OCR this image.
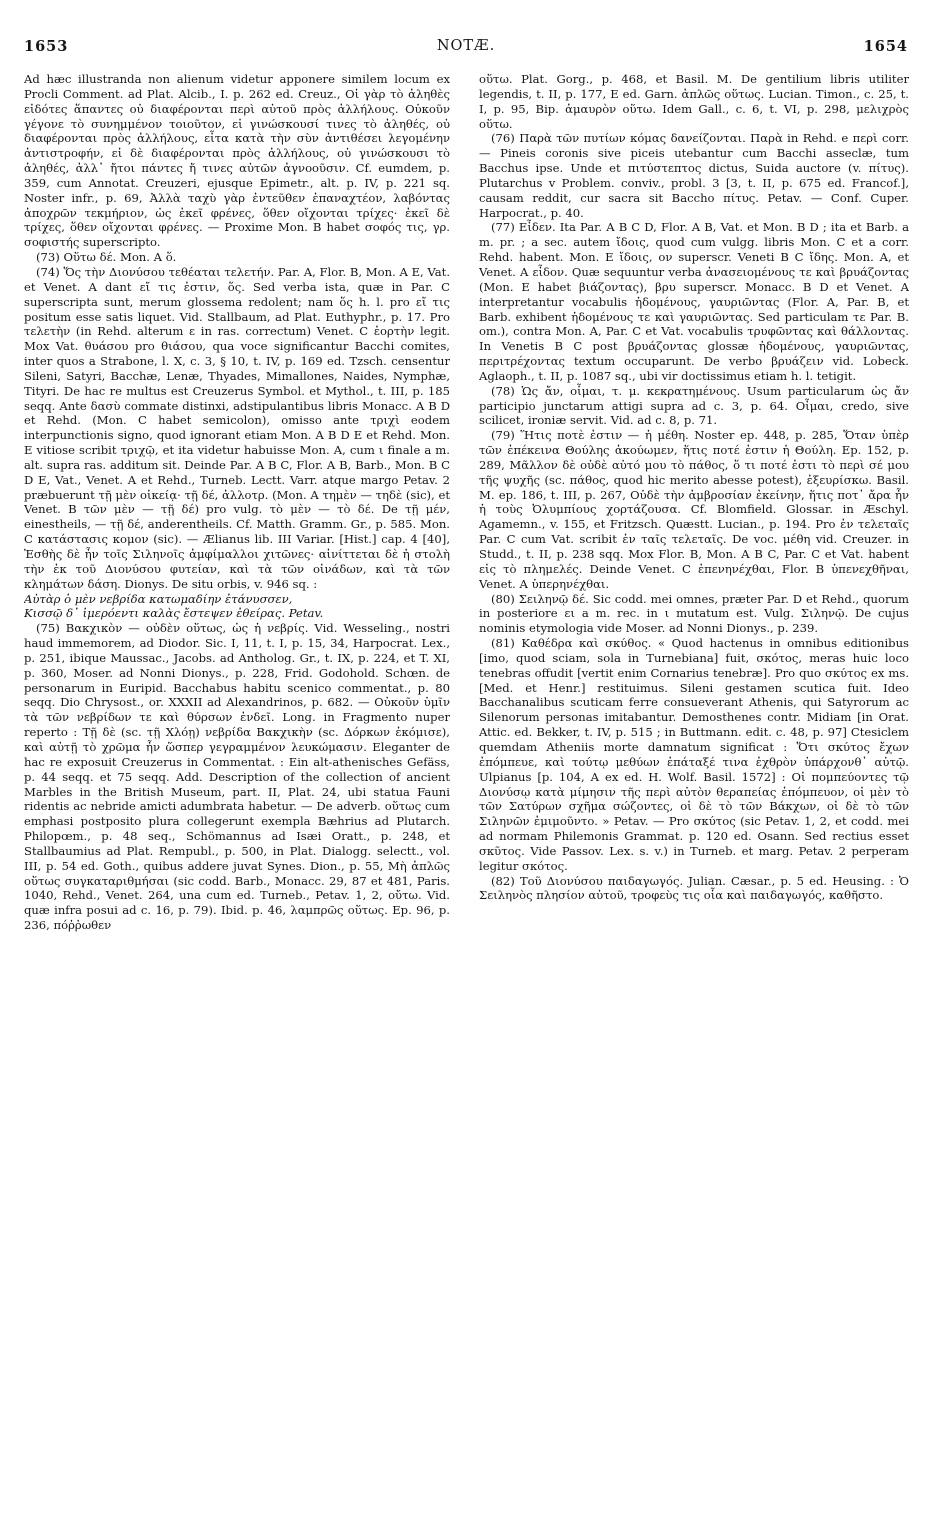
1653	NOTÆ.	1654

Ad hæc illustranda non alienum videtur apponere similem locum ex Procli Comment. ad Plat. Alcib., I. p. 262 ed. Creuz., Οἱ γὰρ τὸ ἀληθὲς εἰδότες ἅπαντες οὐ διαφέρονται περὶ αὐτοῦ πρὸς ἀλλήλους. Οὐκοῦν γέγονε τὸ συνημμένον τοιοῦτον, εἰ γινώσκουσί τινες τὸ ἀληθές, οὐ διαφέρονται πρὸς ἀλλήλους, εἶτα κατὰ τὴν σὺν ἀντιθέσει λεγομένην ἀντιστροφήν, εἰ δὲ διαφέρονται πρὸς ἀλλήλους, οὐ γινώσκουσι τὸ ἀληθές, ἀλλ᾽ ἤτοι πάντες ἤ τινες αὐτῶν ἀγνοοῦσιν. Cf. eumdem, p. 359, cum Annotat. Creuzeri, ejusque Epimetr., alt. p. IV, p. 221 sq. Noster infr., p. 69, Ἀλλὰ ταχὺ γὰρ ἐντεῦθεν ἐπαναχτέον, λαβόντας ἀποχρῶν τεκμήριον, ὡς ἐκεῖ φρένες, ὅθεν οἴχονται τρίχες· ἐκεῖ δὲ τρίχες, ὅθεν οἴχονται φρένες. — Proxime Mon. B habet σοφός τις, γρ. σοφιστής superscripto.

(73) Οὕτω δέ. Mon. A ὅ.

(74) Ὅς τὴν Διονύσου τεθέαται τελετήν. Par. A, Flor. B, Mon. A E, Vat. et Venet. A dant εἴ τις ἐστιν, ὅς. Sed verba ista, quæ in Par. C superscripta sunt, merum glossema redolent; nam ὅς h. l. pro εἴ τις positum esse satis liquet. Vid. Stallbaum, ad Plat. Euthyphr., p. 17. Pro τελετὴν (in Rehd. alterum ε in ras. correctum) Venet. C ἑορτὴν legit. Mox Vat. θυάσου pro θιάσου, qua voce significantur Bacchi comites, inter quos a Strabone, l. X, c. 3, § 10, t. IV, p. 169 ed. Tzsch. censentur Sileni, Satyri, Bacchæ, Lenæ, Thyades, Mimallones, Naides, Nymphæ, Tityri. De hac re multus est Creuzerus Symbol. et Mythol., t. III, p. 185 seqq. Ante δασὺ commate distinxi, adstipulantibus libris Monacc. A B D et Rehd. (Mon. C habet semicolon), omisso ante τριχὶ eodem interpunctionis signo, quod ignorant etiam Mon. A B D E et Rehd. Mon. E vitiose scribit τριχῷ, et ita videtur habuisse Mon. A, cum ι finale a m. alt. supra ras. additum sit. Deinde Par. A B C, Flor. A B, Barb., Mon. B C D E, Vat., Venet. A et Rehd., Turneb. Lectt. Varr. atque margo Petav. 2 præbuerunt τῇ μὲν οἰκείᾳ· τῇ δέ, ἀλλοτρ. (Mon. A τημὲν — τηδὲ (sic), et Venet. B τῶν μὲν — τῇ δέ) pro vulg. τὸ μὲν — τὸ δέ. De τῇ μέν, einestheils, — τῇ δέ, anderentheils. Cf. Matth. Gramm. Gr., p. 585. Mon. C κατάστασις κομον (sic). — Ælianus lib. III Variar. [Hist.] cap. 4 [40], Ἐσθὴς δὲ ἦν τοῖς Σιληνοῖς ἀμφίμαλλοι χιτῶνες· αἰνίττεται δὲ ἡ στολὴ τὴν ἐκ τοῦ Διονύσου φυτείαν, καὶ τὰ τῶν οἰνάδων, καὶ τὰ τῶν κλημάτων δάση. Dionys. De situ orbis, v. 946 sq. :

Αὐτὰρ ὁ μὲν νεβρίδα κατωμαδίην ἐτάνυσσεν,

Κισσῷ δ᾽ ἱμερόεντι καλὰς ἔστεψεν ἐθείρας. Petav.

(75) Βακχικὸν — οὐδὲν οὕτως, ὡς ἡ νεβρίς. Vid. Wesseling., nostri haud immemorem, ad Diodor. Sic. I, 11, t. I, p. 15, 34, Harpocrat. Lex., p. 251, ibique Maussac., Jacobs. ad Antholog. Gr., t. IX, p. 224, et T. XI, p. 360, Moser. ad Nonni Dionys., p. 228, Frid. Godohold. Schœn. de personarum in Euripid. Bacchabus habitu scenico commentat., p. 80 seqq. Dio Chrysost., or. XXXII ad Alexandrinos, p. 682. — Οὐκοῦν ὑμῖν τὰ τῶν νεβρίδων τε καὶ θύρσων ἐνδεῖ. Long. in Fragmento nuper reperto : Τῇ δὲ (sc. τῇ Χλόῃ) νεβρίδα Βακχικὴν (sc. Δόρκων ἐκόμισε), καὶ αὐτῇ τὸ χρῶμα ἦν ὥσπερ γεγραμμένον λευκώμασιν. Eleganter de hac re exposuit Creuzerus in Commentat. : Ein alt-athenisches Gefäss, p. 44 seqq. et 75 seqq. Add. Description of the collection of ancient Marbles in the British Museum, part. II, Plat. 24, ubi statua Fauni ridentis ac nebride amicti adumbrata habetur. — De adverb. οὕτως cum emphasi postposito plura collegerunt exempla Bæhrius ad Plutarch. Philopœm., p. 48 seq., Schömannus ad Isæi Oratt., p. 248, et Stallbaumius ad Plat. Rempubl., p. 500, in Plat. Dialogg. selectt., vol. III, p. 54 ed. Goth., quibus addere juvat Synes. Dion., p. 55, Μὴ ἁπλῶς οὕτως συγκαταριθμήσαι (sic codd. Barb., Monacc. 29, 87 et 481, Paris. 1040, Rehd., Venet. 264, una cum ed. Turneb., Petav. 1, 2, οὔτω. Vid. quæ infra posui ad c. 16, p. 79). Ibid. p. 46, λαμπρῶς οὕτως. Ep. 96, p. 236, πόῤῥωθεν

οὕτω. Plat. Gorg., p. 468, et Basil. M. De gentilium libris utiliter legendis, t. II, p. 177, E ed. Garn. ἁπλῶς οὕτως. Lucian. Timon., c. 25, t. I, p. 95, Bip. ἀμαυρὸν οὕτω. Idem Gall., c. 6, t. VI, p. 298, μελιχρὸς οὕτω.

(76) Παρὰ τῶν πυτίων κόμας δανείζονται. Παρὰ in Rehd. e περὶ corr. — Pineis coronis sive piceis utebantur cum Bacchi asseclæ, tum Bacchus ipse. Unde et πιτύστεπτος dictus, Suida auctore (v. πίτυς). Plutarchus v Problem. conviv., probl. 3 [3, t. II, p. 675 ed. Francof.], causam reddit, cur sacra sit Baccho πίτυς. Petav. — Conf. Cuper. Harpocrat., p. 40.

(77) Εἶδεν. Ita Par. A B C D, Flor. A B, Vat. et Mon. B D ; ita et Barb. a m. pr. ; a sec. autem ἴδοις, quod cum vulgg. libris Mon. C et a corr. Rehd. habent. Mon. E ἴδοις, ον superscr. Veneti B C ἴδης. Mon. A, et Venet. A εἶδον. Quæ sequuntur verba ἀνασειομένους τε καὶ βρυάζοντας (Mon. E habet βιάζοντας), βρυ superscr. Monacc. B D et Venet. A interpretantur vocabulis ἡδομένους, γαυριῶντας (Flor. A, Par. B, et Barb. exhibent ἡδομένους τε καὶ γαυριῶντας. Sed particulam τε Par. B. om.), contra Mon. A, Par. C et Vat. vocabulis τρυφῶντας καὶ θάλλοντας. In Venetis B C post βρυάζοντας glossæ ἡδομένους, γαυριῶντας, περιτρέχοντας textum occuparunt. De verbo βρυάζειν vid. Lobeck. Aglaoph., t. II, p. 1087 sq., ubi vir doctissimus etiam h. l. tetigit.

(78) Ὡς ἄν, οἶμαι, τ. μ. κεκρατημένους. Usum particularum ὡς ἄν participio junctarum attigi supra ad c. 3, p. 64. Οἶμαι, credo, sive scilicet, ironiæ servit. Vid. ad c. 8, p. 71.

(79) Ἥτις ποτὲ ἐστιν — ἡ μέθη. Noster ep. 448, p. 285, Ὅταν ὑπὲρ τῶν ἐπέκεινα Θούλης ἀκούωμεν, ἥτις ποτέ ἐστιν ἡ Θούλη. Ep. 152, p. 289, Μᾶλλον δὲ οὐδὲ αὐτό μου τὸ πάθος, ὅ τι ποτέ ἐστι τὸ περὶ σέ μου τῆς ψυχῆς (sc. πάθος, quod hic merito abesse potest), ἐξευρίσκω. Basil. M. ep. 186, t. III, p. 267, Οὐδὲ τὴν ἀμβροσίαν ἐκείνην, ἥτις ποτ᾽ ἄρα ἦν ἡ τοὺς Ὀλυμπίους χορτάζουσα. Cf. Blomfield. Glossar. in Æschyl. Agamemn., v. 155, et Fritzsch. Quæstt. Lucian., p. 194. Pro ἐν τελεταῖς Par. C cum Vat. scribit ἐν ταῖς τελεταῖς. De voc. μέθη vid. Creuzer. in Studd., t. II, p. 238 sqq. Mox Flor. B, Mon. A B C, Par. C et Vat. habent εἰς τὸ πλημελές. Deinde Venet. C ἐπενηνέχθαι, Flor. B ὑπενεχθῆναι, Venet. A ὑπερηνέχθαι.

(80) Σειληνῷ δέ. Sic codd. mei omnes, præter Par. D et Rehd., quorum in posteriore ει a m. rec. in ι mutatum est. Vulg. Σιληνῷ. De cujus nominis etymologia vide Moser. ad Nonni Dionys., p. 239.

(81) Καθέδρα καὶ σκύθος. « Quod hactenus in omnibus editionibus [imo, quod sciam, sola in Turnebiana] fuit, σκότος, meras huic loco tenebras offudit [vertit enim Cornarius tenebræ]. Pro quo σκύτος ex ms. [Med. et Henr.] restituimus. Sileni gestamen scutica fuit. Ideo Bacchanalibus scuticam ferre consueverant Athenis, qui Satyrorum ac Silenorum personas imitabantur. Demosthenes contr. Midiam [in Orat. Attic. ed. Bekker, t. IV, p. 515 ; in Buttmann. edit. c. 48, p. 97] Ctesiclem quemdam Atheniis morte damnatum significat : Ὅτι σκύτος ἔχων ἐπόμπευε, καὶ τούτῳ μεθύων ἐπάταξέ τινα ἐχθρὸν ὑπάρχονθ᾽ αὐτῷ. Ulpianus [p. 104, A ex ed. H. Wolf. Basil. 1572] : Οἱ πομπεύοντες τῷ Διονύσῳ κατὰ μίμησιν τῆς περὶ αὐτὸν θεραπείας ἐπόμπευον, οἱ μὲν τὸ τῶν Σατύρων σχῆμα σώζοντες, οἱ δὲ τὸ τῶν Βάκχων, οἱ δὲ τὸ τῶν Σιληνῶν ἐμιμοῦντο. » Petav. — Pro σκύτος (sic Petav. 1, 2, et codd. mei ad normam Philemonis Grammat. p. 120 ed. Osann. Sed rectius esset σκῦτος. Vide Passov. Lex. s. v.) in Turneb. et marg. Petav. 2 perperam legitur σκότος.

(82) Τοῦ Διονύσου παιδαγωγός. Julian. Cæsar., p. 5 ed. Heusing. : Ὁ Σειληνὸς πλησίον αὐτοῦ, τροφεὺς τις οἷα καὶ παιδαγωγός, καθῆστο.
